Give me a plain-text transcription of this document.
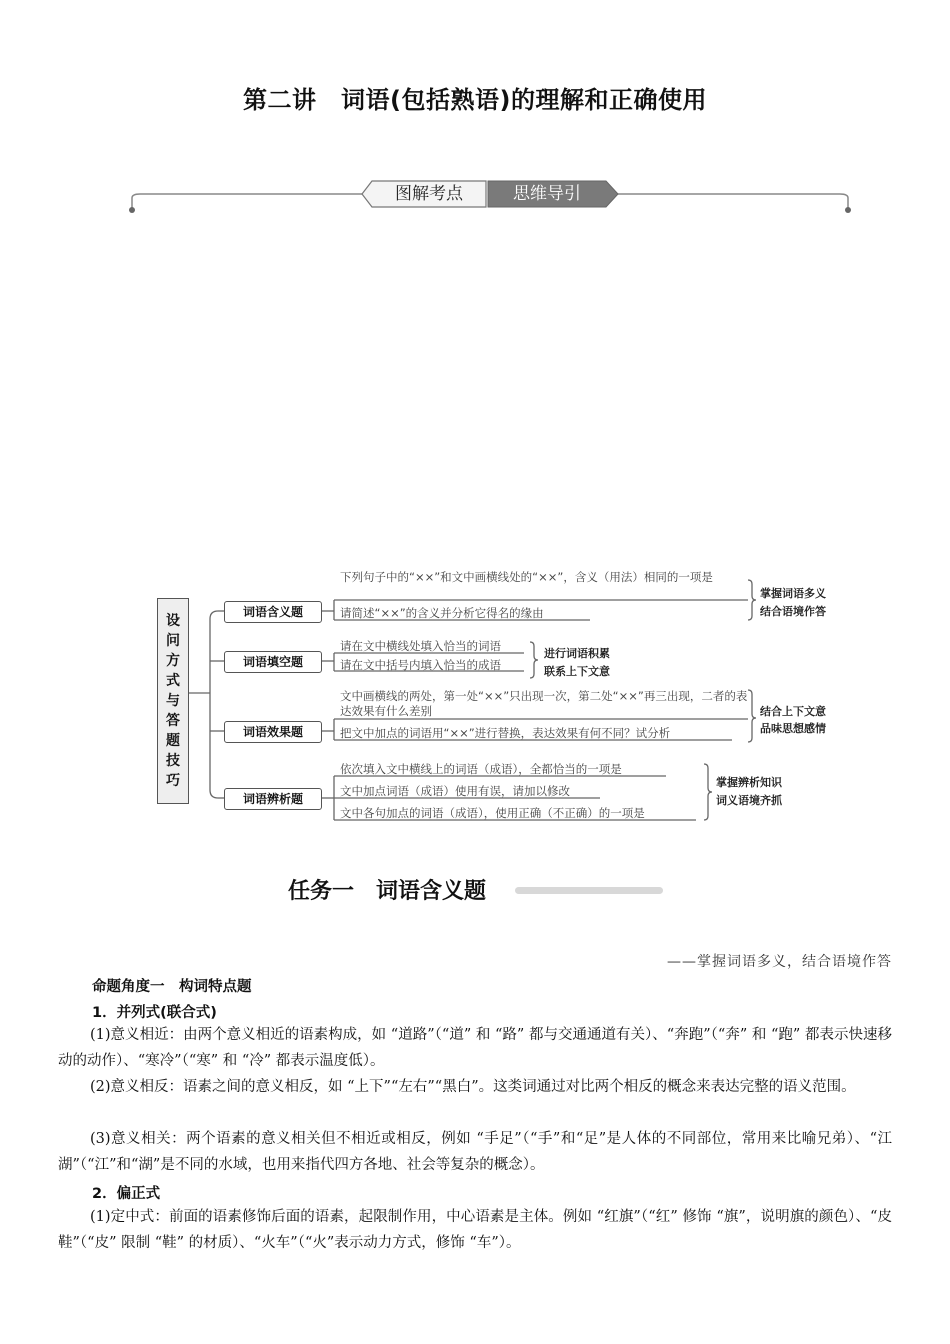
第二讲　词语(包括熟语)的理解和正确使用
图解考点	思维导引
设问方式与答题技巧
词语含义题
下列句子中的“××”和文中画横线处的“××”，含义（用法）相同的一项是
请简述“××”的含义并分析它得名的缘由
掌握词语多义
结合语境作答
词语填空题
请在文中横线处填入恰当的词语
请在文中括号内填入恰当的成语
进行词语积累
联系上下文意
词语效果题
文中画横线的两处，第一处“××”只出现一次，第二处“××”再三出现，二者的表达效果有什么差别
把文中加点的词语用“××”进行替换，表达效果有何不同？试分析
结合上下文意
品味思想感情
词语辨析题
依次填入文中横线上的词语（成语），全都恰当的一项是
文中加点词语（成语）使用有误，请加以修改
文中各句加点的词语（成语），使用正确（不正确）的一项是
掌握辨析知识
词义语境齐抓
任务一　词语含义题
——掌握词语多义，结合语境作答
命题角度一　构词特点题
1．并列式(联合式)
(1)意义相近：由两个意义相近的语素构成，如 “道路”（“道” 和 “路” 都与交通通道有关）、“奔跑”（“奔” 和 “跑” 都表示快速移动的动作）、“寒冷”（“寒” 和 “冷” 都表示温度低）。
(2)意义相反：语素之间的意义相反，如 “上下”“左右”“黑白”。这类词通过对比两个相反的概念来表达完整的语义范围。
(3)意义相关：两个语素的意义相关但不相近或相反，例如 “手足”（“手”和“足”是人体的不同部位，常用来比喻兄弟）、“江湖”（“江”和“湖”是不同的水域，也用来指代四方各地、社会等复杂的概念）。
2．偏正式
(1)定中式：前面的语素修饰后面的语素，起限制作用，中心语素是主体。例如 “红旗”（“红” 修饰 “旗”，说明旗的颜色）、“皮鞋”（“皮” 限制 “鞋” 的材质）、“火车”（“火”表示动力方式，修饰 “车”）。
